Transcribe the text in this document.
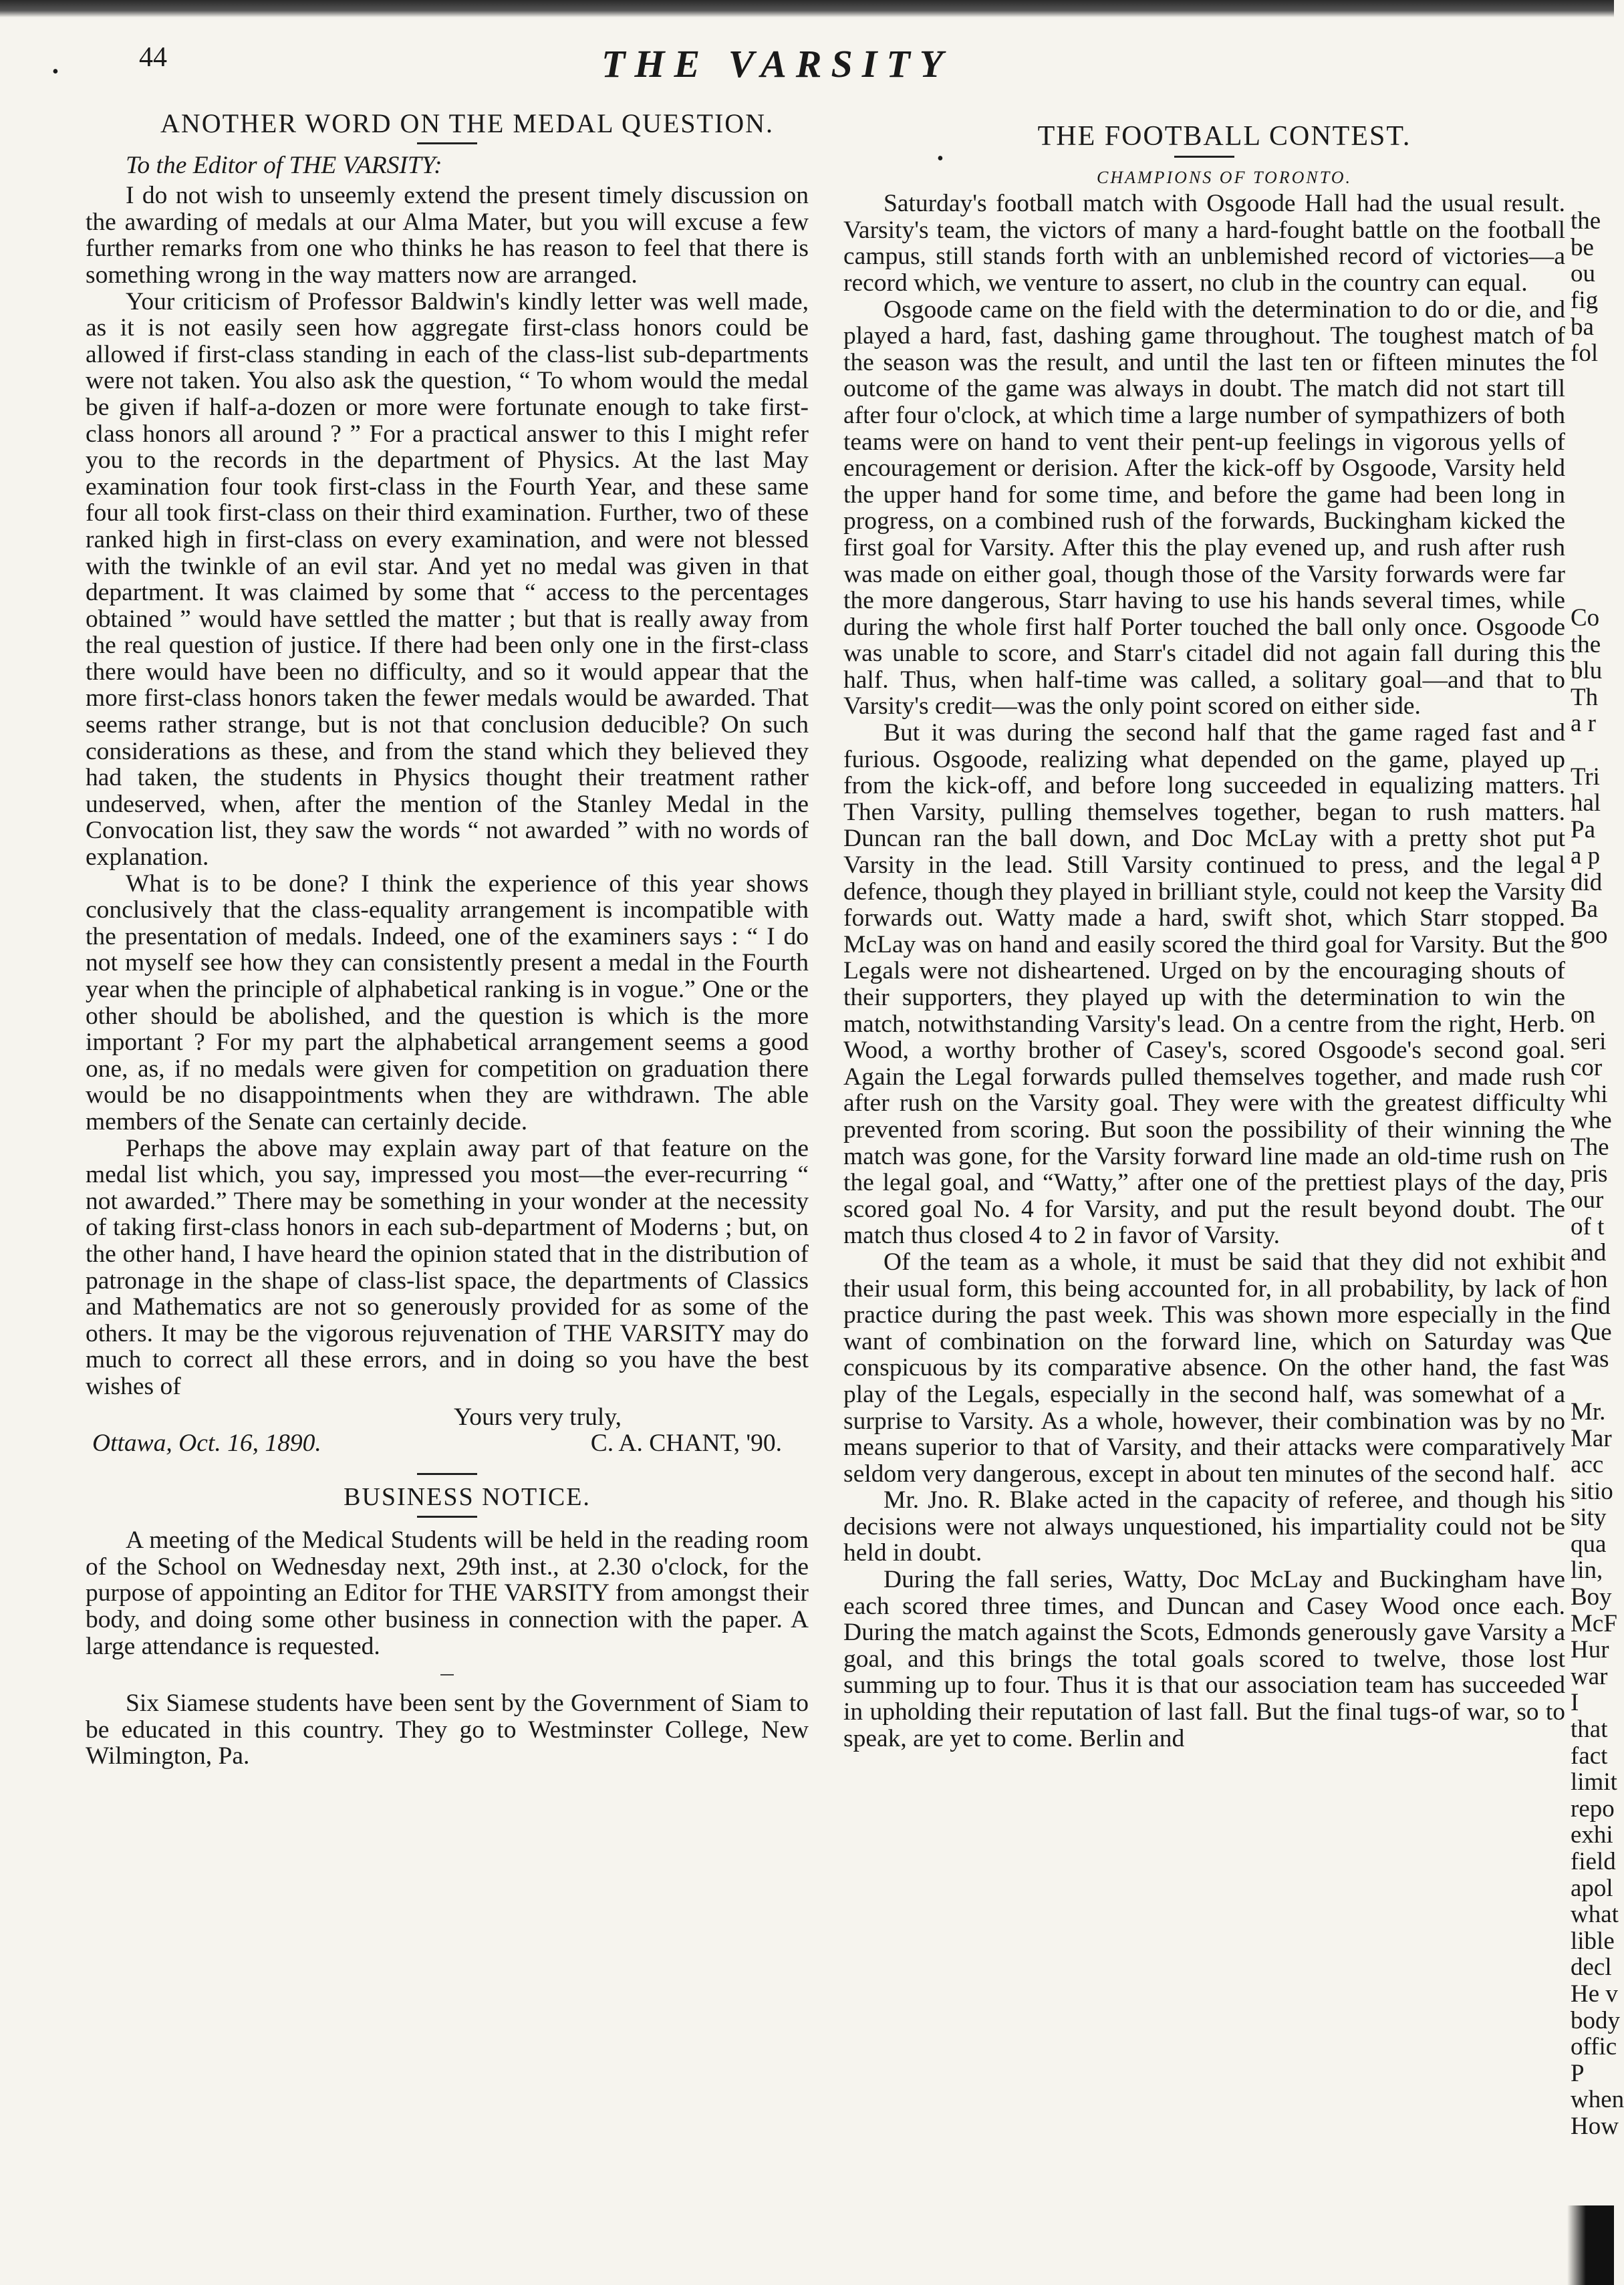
•
•
44	THE VARSITY

ANOTHER WORD ON THE MEDAL QUESTION.

To the Editor of THE VARSITY:

I do not wish to unseemly extend the present timely discussion on the awarding of medals at our Alma Mater, but you will excuse a few further remarks from one who thinks he has reason to feel that there is something wrong in the way matters now are arranged.

Your criticism of Professor Baldwin's kindly letter was well made, as it is not easily seen how aggregate first-class honors could be allowed if first-class standing in each of the class-list sub-departments were not taken. You also ask the question, “ To whom would the medal be given if half-a-dozen or more were fortunate enough to take first-class honors all around ? ” For a practical answer to this I might refer you to the records in the department of Physics. At the last May examination four took first-class in the Fourth Year, and these same four all took first-class on their third examination. Further, two of these ranked high in first-class on every examination, and were not blessed with the twinkle of an evil star. And yet no medal was given in that department. It was claimed by some that “ access to the percentages obtained ” would have settled the matter ; but that is really away from the real question of justice. If there had been only one in the first-class there would have been no difficulty, and so it would appear that the more first-class honors taken the fewer medals would be awarded. That seems rather strange, but is not that conclusion deducible? On such considerations as these, and from the stand which they believed they had taken, the students in Physics thought their treatment rather undeserved, when, after the mention of the Stanley Medal in the Convocation list, they saw the words “ not awarded ” with no words of explanation.

What is to be done? I think the experience of this year shows conclusively that the class-equality arrangement is incompatible with the presentation of medals. Indeed, one of the examiners says : “ I do not myself see how they can consistently present a medal in the Fourth year when the principle of alphabetical ranking is in vogue.” One or the other should be abolished, and the question is which is the more important ? For my part the alphabetical arrangement seems a good one, as, if no medals were given for competition on graduation there would be no disappointments when they are withdrawn. The able members of the Senate can certainly decide.

Perhaps the above may explain away part of that feature on the medal list which, you say, impressed you most—the ever-recurring “ not awarded.” There may be something in your wonder at the necessity of taking first-class honors in each sub-department of Moderns ; but, on the other hand, I have heard the opinion stated that in the distribution of patronage in the shape of class-list space, the departments of Classics and Mathematics are not so generously provided for as some of the others. It may be the vigorous rejuvenation of THE VARSITY may do much to correct all these errors, and in doing so you have the best wishes of

Yours very truly,

Ottawa, Oct. 16, 1890.	C. A. CHANT, '90.

BUSINESS NOTICE.

A meeting of the Medical Students will be held in the reading room of the School on Wednesday next, 29th inst., at 2.30 o'clock, for the purpose of appointing an Editor for THE VARSITY from amongst their body, and doing some other business in connection with the paper. A large attendance is requested.

Six Siamese students have been sent by the Government of Siam to be educated in this country. They go to Westminster College, New Wilmington, Pa.

THE FOOTBALL CONTEST.

CHAMPIONS OF TORONTO.

Saturday's football match with Osgoode Hall had the usual result. Varsity's team, the victors of many a hard-fought battle on the football campus, still stands forth with an unblemished record of victories—a record which, we venture to assert, no club in the country can equal.

Osgoode came on the field with the determination to do or die, and played a hard, fast, dashing game throughout. The toughest match of the season was the result, and until the last ten or fifteen minutes the outcome of the game was always in doubt. The match did not start till after four o'clock, at which time a large number of sympathizers of both teams were on hand to vent their pent-up feelings in vigorous yells of encouragement or derision. After the kick-off by Osgoode, Varsity held the upper hand for some time, and before the game had been long in progress, on a combined rush of the forwards, Buckingham kicked the first goal for Varsity. After this the play evened up, and rush after rush was made on either goal, though those of the Varsity forwards were far the more dangerous, Starr having to use his hands several times, while during the whole first half Porter touched the ball only once. Osgoode was unable to score, and Starr's citadel did not again fall during this half. Thus, when half-time was called, a solitary goal—and that to Varsity's credit—was the only point scored on either side.

But it was during the second half that the game raged fast and furious. Osgoode, realizing what depended on the game, played up from the kick-off, and before long succeeded in equalizing matters. Then Varsity, pulling themselves together, began to rush matters. Duncan ran the ball down, and Doc McLay with a pretty shot put Varsity in the lead. Still Varsity continued to press, and the legal defence, though they played in brilliant style, could not keep the Varsity forwards out. Watty made a hard, swift shot, which Starr stopped. McLay was on hand and easily scored the third goal for Varsity. But the Legals were not disheartened. Urged on by the encouraging shouts of their supporters, they played up with the determination to win the match, notwithstanding Varsity's lead. On a centre from the right, Herb. Wood, a worthy brother of Casey's, scored Osgoode's second goal. Again the Legal forwards pulled themselves together, and made rush after rush on the Varsity goal. They were with the greatest difficulty prevented from scoring. But soon the possibility of their winning the match was gone, for the Varsity forward line made an old-time rush on the legal goal, and “Watty,” after one of the prettiest plays of the day, scored goal No. 4 for Varsity, and put the result beyond doubt. The match thus closed 4 to 2 in favor of Varsity.

Of the team as a whole, it must be said that they did not exhibit their usual form, this being accounted for, in all probability, by lack of practice during the past week. This was shown more especially in the want of combination on the forward line, which on Saturday was conspicuous by its comparative absence. On the other hand, the fast play of the Legals, especially in the second half, was somewhat of a surprise to Varsity. As a whole, however, their combination was by no means superior to that of Varsity, and their attacks were comparatively seldom very dangerous, except in about ten minutes of the second half.

Mr. Jno. R. Blake acted in the capacity of referee, and though his decisions were not always unquestioned, his impartiality could not be held in doubt.

During the fall series, Watty, Doc McLay and Buckingham have each scored three times, and Duncan and Casey Wood once each. During the match against the Scots, Edmonds generously gave Varsity a goal, and this brings the total goals scored to twelve, those lost summing up to four. Thus it is that our association team has succeeded in upholding their reputation of last fall. But the final tugs-of war, so to speak, are yet to come. Berlin and

the
be
ou
fig
ba
fol
Co
the
blu
Th
a r
Tri
hal
Pa
a p
did
Ba
goo
on
seri
cor
whi
whe
The
pris
our
of t
and
hon
find
Que
was
Mr.
Mar
acc
sitio
sity
qua
lin,
Boy
McF
Hur
war
I
that
fact
limit
repo
exhi
field
apol
what
lible
decl
He v
body
offic
P
when
How
